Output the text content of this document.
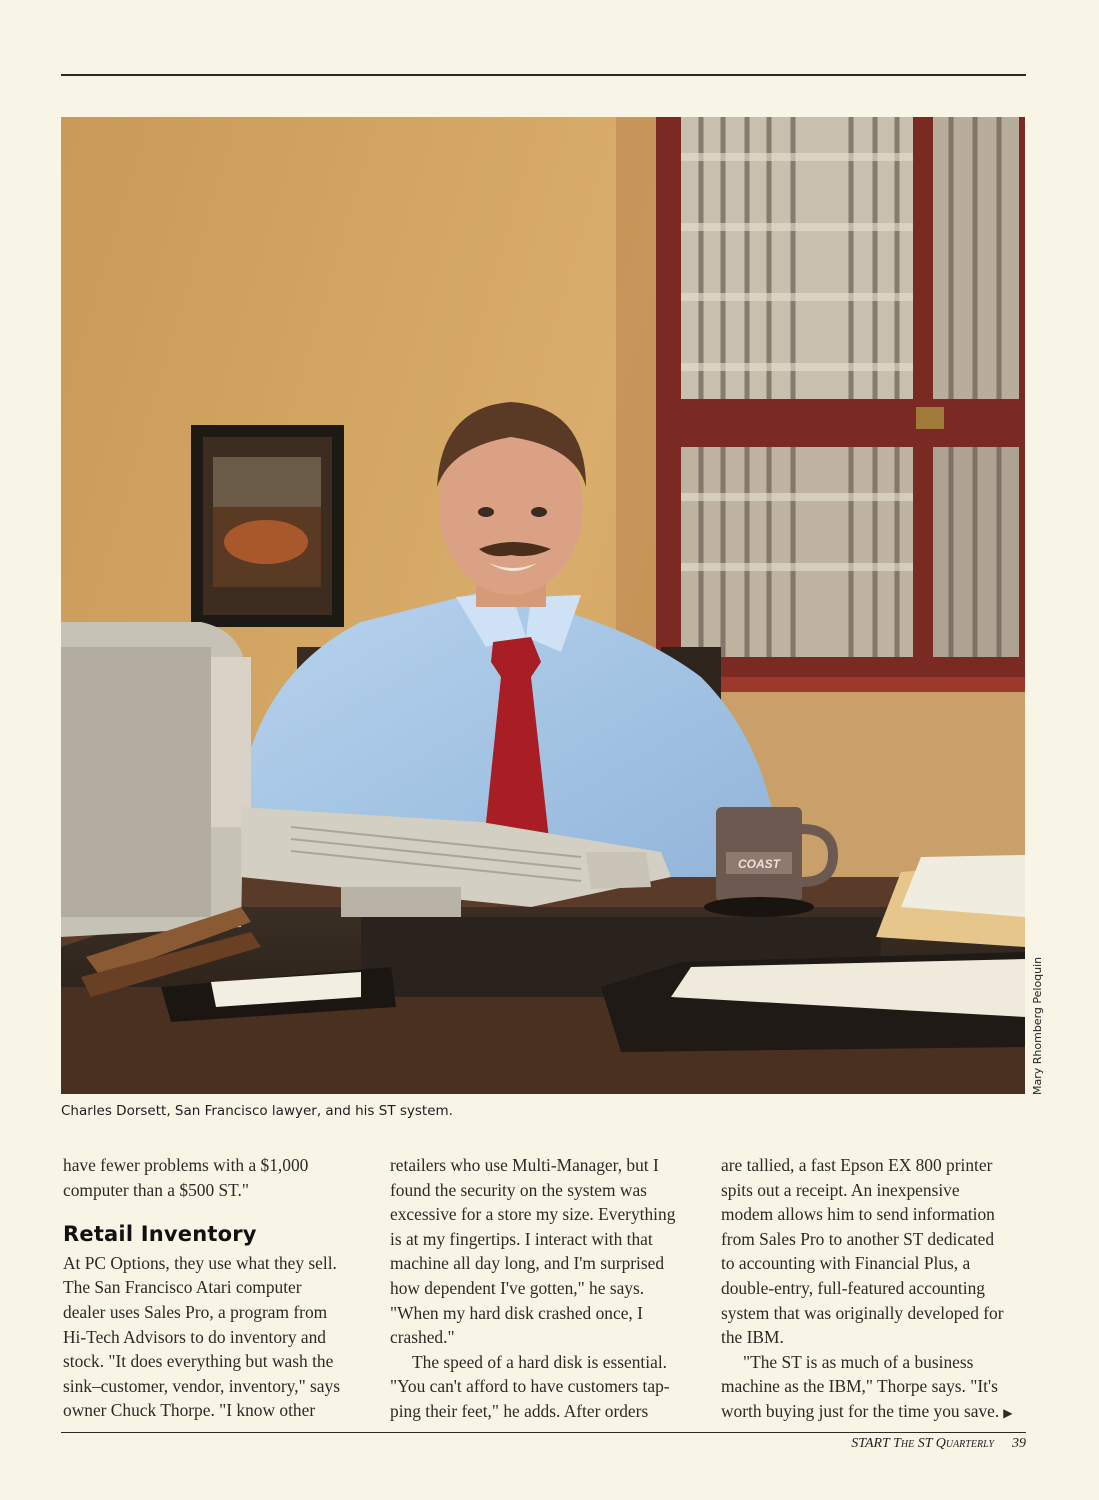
COAST
Mary Rhomberg Peloquin
Charles Dorsett, San Francisco lawyer, and his ST system.

have fewer problems with a $1,000
computer than a $500 ST."

Retail Inventory

At PC Options, they use what they sell.
The San Francisco Atari computer
dealer uses Sales Pro, a program from
Hi-Tech Advisors to do inventory and
stock. "It does everything but wash the
sink–customer, vendor, inventory," says
owner Chuck Thorpe. "I know other

retailers who use Multi-Manager, but I
found the security on the system was
excessive for a store my size. Everything
is at my fingertips. I interact with that
machine all day long, and I'm surprised
how dependent I've gotten," he says.
"When my hard disk crashed once, I
crashed."

The speed of a hard disk is essential.
"You can't afford to have customers tap-
ping their feet," he adds. After orders

are tallied, a fast Epson EX 800 printer
spits out a receipt. An inexpensive
modem allows him to send information
from Sales Pro to another ST dedicated
to accounting with Financial Plus, a
double-entry, full-featured accounting
system that was originally developed for
the IBM.

"The ST is as much of a business
machine as the IBM," Thorpe says. "It's
worth buying just for the time you save. ▶

START The ST Quarterly 39
